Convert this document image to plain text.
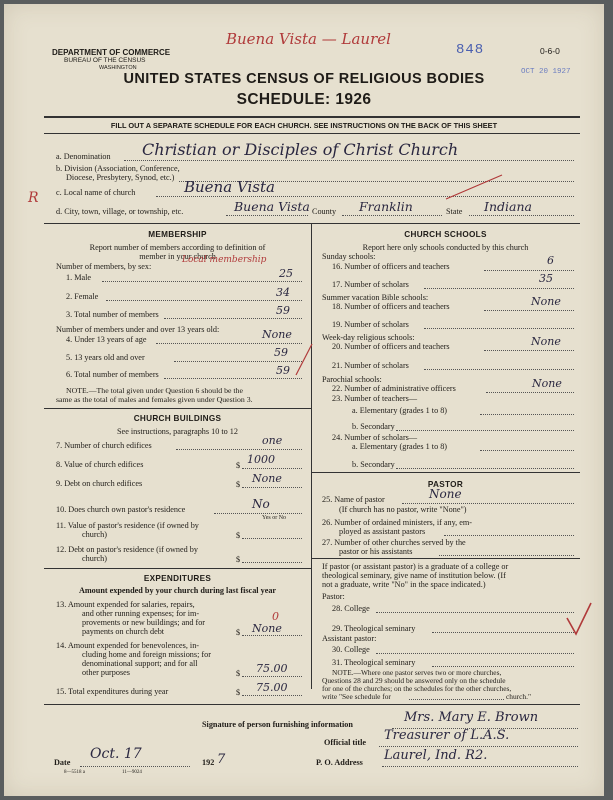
DEPARTMENT OF COMMERCE
BUREAU OF THE CENSUS
WASHINGTON
Buena Vista — Laurel
848	0-6-0
OCT 20 1927
UNITED STATES CENSUS OF RELIGIOUS BODIES
SCHEDULE: 1926
FILL OUT A SEPARATE SCHEDULE FOR EACH CHURCH. SEE INSTRUCTIONS ON THE BACK OF THIS SHEET
a. Denomination Christian or Disciples of Christ Church
b. Division (Association, Conference,
Diocese, Presbytery, Synod, etc.)
R c. Local name of church	Buena Vista
d. City, town, village, or township, etc.	Buena Vista County Franklin	State Indiana
MEMBERSHIP
Report number of members according to definition of
member in your church
Number of members, by sex:
Local membership
1. Male	25
2. Female	34
3. Total number of members	59
Number of members under and over 13 years old:
4. Under 13 years of age	None
5. 13 years old and over	59
6. Total number of members	59
NOTE.—The total given under Question 6 should be the
same as the total of males and females given under Question 3.
CHURCH BUILDINGS
See instructions, paragraphs 10 to 12
7. Number of church edifices	one
8. Value of church edifices	$ 1000
9. Debt on church edifices	$ None
10. Does church own pastor's residence	No
Yes or No
11. Value of pastor's residence (if owned by
church)	$
12. Debt on pastor's residence (if owned by
church)	$
EXPENDITURES
Amount expended by your church during last fiscal year
13. Amount expended for salaries, repairs,
and other running expenses; for im-
provements or new buildings; and for
payments on church debt
0
$ None
14. Amount expended for benevolences, in-
cluding home and foreign missions; for
denominational support; and for all
other purposes	$ 75.00
15. Total expenditures during year	$ 75.00
CHURCH SCHOOLS
Report here only schools conducted by this church
Sunday schools:
16. Number of officers and teachers	6
17. Number of scholars	35
Summer vacation Bible schools:
18. Number of officers and teachers	None
19. Number of scholars
Week-day religious schools:
20. Number of officers and teachers	None
21. Number of scholars
Parochial schools:
22. Number of administrative officers	None
23. Number of teachers—
a. Elementary (grades 1 to 8)
b. Secondary
24. Number of scholars—
a. Elementary (grades 1 to 8)
b. Secondary
PASTOR
25. Name of pastor	None
(If church has no pastor, write "None")
26. Number of ordained ministers, if any, em-
ployed as assistant pastors
27. Number of other churches served by the
pastor or his assistants
If pastor (or assistant pastor) is a graduate of a college or
theological seminary, give name of institution below. (If
not a graduate, write "No" in the space indicated.)
Pastor:
28. College
29. Theological seminary
Assistant pastor:
30. College
31. Theological seminary
NOTE.—Where one pastor serves two or more churches,
Questions 28 and 29 should be answered only on the schedule
for one of the churches; on the schedules for the other churches,
write "See schedule for	church."
Signature of person furnishing information	Mrs. Mary E. Brown
Official title Treasurer of L.A.S.
Date
Oct. 17
192 7	P. O. Address Laurel, Ind. R2.
8—5518 a	11—9024
